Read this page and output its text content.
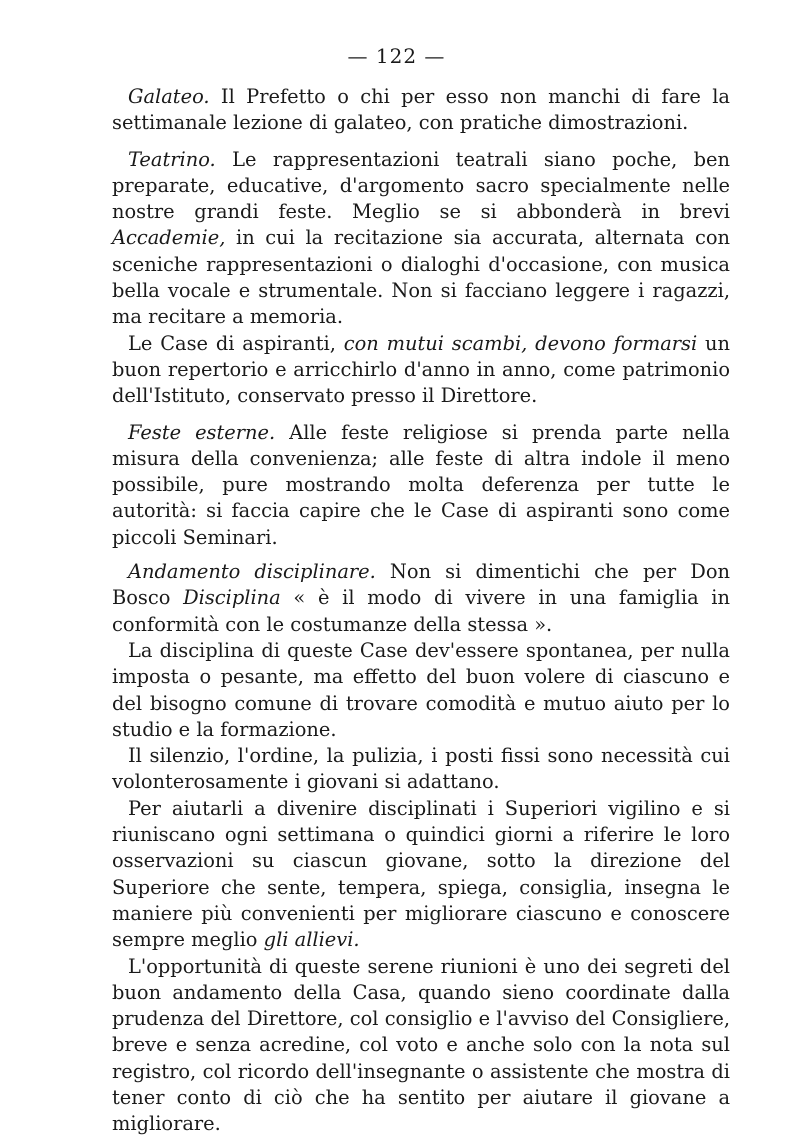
— 122 —

Galateo. Il Prefetto o chi per esso non manchi di fare la settimanale lezione di galateo, con pratiche dimostrazioni.

Teatrino. Le rappresentazioni teatrali siano poche, ben preparate, educative, d'argomento sacro specialmente nelle nostre grandi feste. Meglio se si abbonderà in brevi Accademie, in cui la recitazione sia accurata, alternata con sceniche rappresentazioni o dialoghi d'occasione, con musica bella vocale e strumentale. Non si facciano leggere i ragazzi, ma recitare a memoria.

Le Case di aspiranti, con mutui scambi, devono formarsi un buon repertorio e arricchirlo d'anno in anno, come patrimonio dell'Istituto, conservato presso il Direttore.

Feste esterne. Alle feste religiose si prenda parte nella misura della convenienza; alle feste di altra indole il meno possibile, pure mostrando molta deferenza per tutte le autorità: si faccia capire che le Case di aspiranti sono come piccoli Seminari.

Andamento disciplinare. Non si dimentichi che per Don Bosco Disciplina « è il modo di vivere in una famiglia in conformità con le costumanze della stessa ».

La disciplina di queste Case dev'essere spontanea, per nulla imposta o pesante, ma effetto del buon volere di ciascuno e del bisogno comune di trovare comodità e mutuo aiuto per lo studio e la formazione.

Il silenzio, l'ordine, la pulizia, i posti fissi sono necessità cui volonterosamente i giovani si adattano.

Per aiutarli a divenire disciplinati i Superiori vigilino e si riuniscano ogni settimana o quindici giorni a riferire le loro osservazioni su ciascun giovane, sotto la direzione del Superiore che sente, tempera, spiega, consiglia, insegna le maniere più convenienti per migliorare ciascuno e conoscere sempre meglio gli allievi.

L'opportunità di queste serene riunioni è uno dei segreti del buon andamento della Casa, quando sieno coordinate dalla prudenza del Direttore, col consiglio e l'avviso del Consigliere, breve e senza acredine, col voto e anche solo con la nota sul registro, col ricordo dell'insegnante o assistente che mostra di tener conto di ciò che ha sentito per aiutare il giovane a migliorare.
